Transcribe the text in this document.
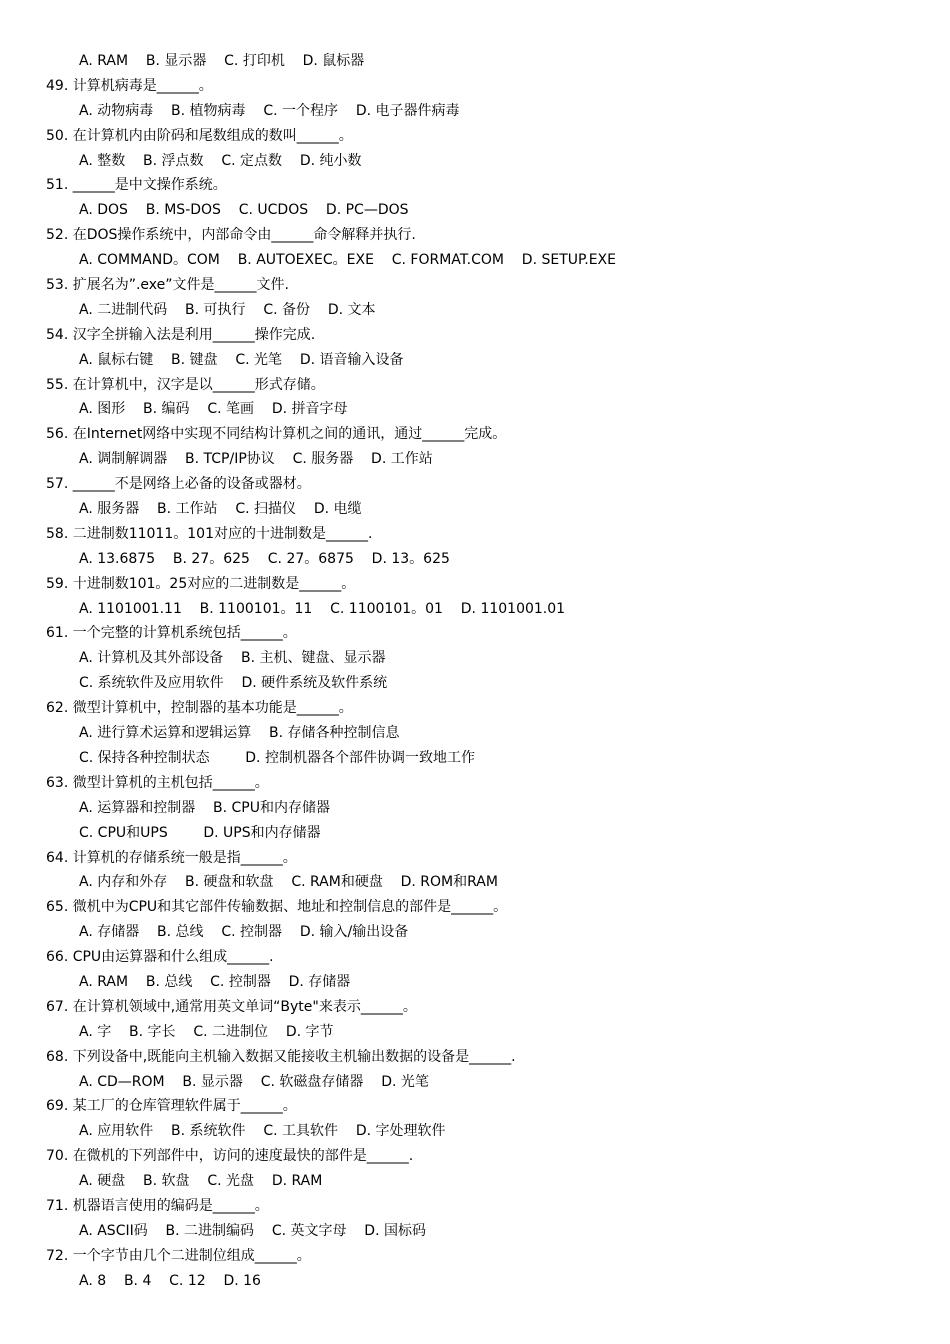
A. RAM    B. 显示器    C. 打印机    D. 鼠标器
49. 计算机病毒是______。
A. 动物病毒    B. 植物病毒    C. 一个程序    D. 电子器件病毒
50. 在计算机内由阶码和尾数组成的数叫______。
A. 整数    B. 浮点数    C. 定点数    D. 纯小数
51. ______是中文操作系统。
A. DOS    B. MS-DOS    C. UCDOS    D. PC—DOS
52. 在DOS操作系统中，内部命令由______命令解释并执行.
A. COMMAND。COM    B. AUTOEXEC。EXE    C. FORMAT.COM    D. SETUP.EXE
53. 扩展名为”.exe”文件是______文件.
A. 二进制代码    B. 可执行    C. 备份    D. 文本
54. 汉字全拼输入法是利用______操作完成.
A. 鼠标右键    B. 键盘    C. 光笔    D. 语音输入设备
55. 在计算机中，汉字是以______形式存储。
A. 图形    B. 编码    C. 笔画    D. 拼音字母
56. 在Internet网络中实现不同结构计算机之间的通讯，通过______完成。
A. 调制解调器    B. TCP/IP协议    C. 服务器    D. 工作站
57. ______不是网络上必备的设备或器材。
A. 服务器    B. 工作站    C. 扫描仪    D. 电缆
58. 二进制数11011。101对应的十进制数是______.
A. 13.6875    B. 27。625    C. 27。6875    D. 13。625
59. 十进制数101。25对应的二进制数是______。
A. 1101001.11    B. 1100101。11    C. 1100101。01    D. 1101001.01
61. 一个完整的计算机系统包括______。
A. 计算机及其外部设备    B. 主机、键盘、显示器
C. 系统软件及应用软件    D. 硬件系统及软件系统
62. 微型计算机中，控制器的基本功能是______。
A. 进行算术运算和逻辑运算    B. 存储各种控制信息
C. 保持各种控制状态        D. 控制机器各个部件协调一致地工作
63. 微型计算机的主机包括______。
A. 运算器和控制器    B. CPU和内存储器
C. CPU和UPS        D. UPS和内存储器
64. 计算机的存储系统一般是指______。
A. 内存和外存    B. 硬盘和软盘    C. RAM和硬盘    D. ROM和RAM
65. 微机中为CPU和其它部件传输数据、地址和控制信息的部件是______。
A. 存储器    B. 总线    C. 控制器    D. 输入/输出设备
66. CPU由运算器和什么组成______.
A. RAM    B. 总线    C. 控制器    D. 存储器
67. 在计算机领域中,通常用英文单词“Byte"来表示______。
A. 字    B. 字长    C. 二进制位    D. 字节
68. 下列设备中,既能向主机输入数据又能接收主机输出数据的设备是______.
A. CD—ROM    B. 显示器    C. 软磁盘存储器    D. 光笔
69. 某工厂的仓库管理软件属于______。
A. 应用软件    B. 系统软件    C. 工具软件    D. 字处理软件
70. 在微机的下列部件中，访问的速度最快的部件是______.
A. 硬盘    B. 软盘    C. 光盘    D. RAM
71. 机器语言使用的编码是______。
A. ASCII码    B. 二进制编码    C. 英文字母    D. 国标码
72. 一个字节由几个二进制位组成______。
A. 8    B. 4    C. 12    D. 16
